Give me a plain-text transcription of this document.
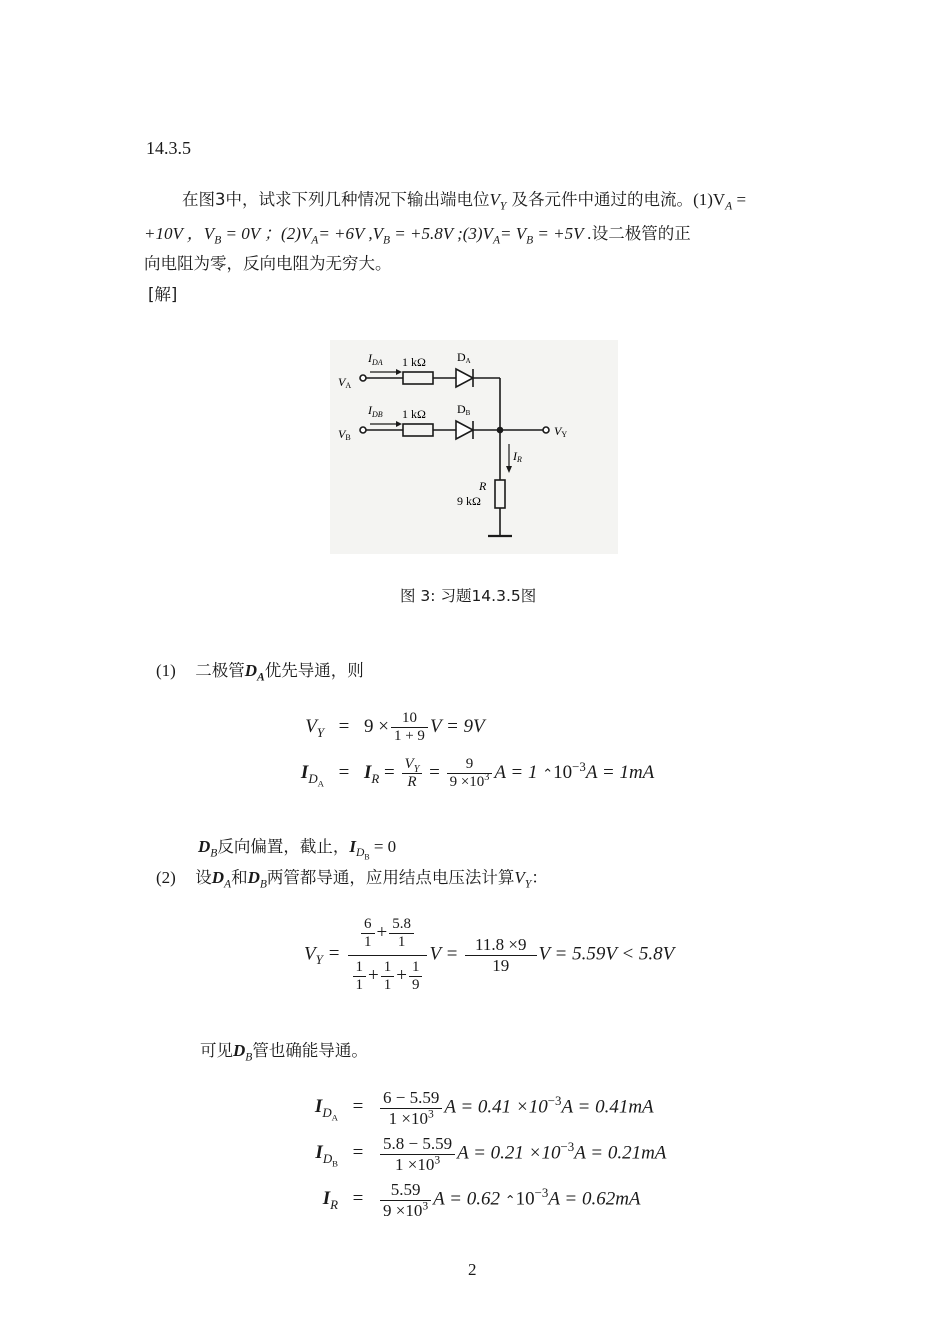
14.3.5
在图3中，试求下列几种情况下输出端电位$V_Y$ 及各元件中通过的电流。$(1)V_A$ =
+10V ，$V_B = 0V$ ；$(2)V_A= +6V$ $,V_B = +5.8V$ $;(3)V_A= V_B = +5V$ .设二极管的正
向电阻为零，反向电阻为无穷大。
[解]
$I_{DA}$ 1 kΩ	DA
VA
$I_{DB}$ 1 kΩ	DB
VB	VY
IR
R
9 kΩ
图 3: 习题14.3.5图
(1) 二极管$D_A$优先导通，则
$V_Y = 9 \times \frac{10}{1 + 9}$ V = 9V
$I_{D_A}= I_R = \frac{V_Y}{R} = \frac{9}{9 \times 10^3}$ A = 1 $⌃10^{-3}A = 1mA$
$D_B$反向偏置，截止，$I_{D_B} = 0$
(2) 设$D_A$和$D_B$两管都导通，应用结点电压法计算$V_Y$：
$V_Y = \frac{\frac{6}{1} + \frac{5.8}{1}}{\frac{1}{1} + \frac{1}{1} + \frac{1}{9}}$ $V = \frac{11.8 \times 9}{19}$ V = 5.59V < 5.8V
可见$D_B$管也确能导通。
$I_{D_A}= \frac{6 - 5.59}{1 \times 10^3}$ $A = 0.41 \times 10^{-3}A = 0.41mA$
$I_{D_B}= \frac{5.8 - 5.59}{1 \times 10^3}$ $A = 0.21 \times 10^{-3}A = 0.21mA$
$I_R = \frac{5.59}{9 \times 10^3}$ A = 0.62 $⌃10^{-3}A = 0.62mA$
2
